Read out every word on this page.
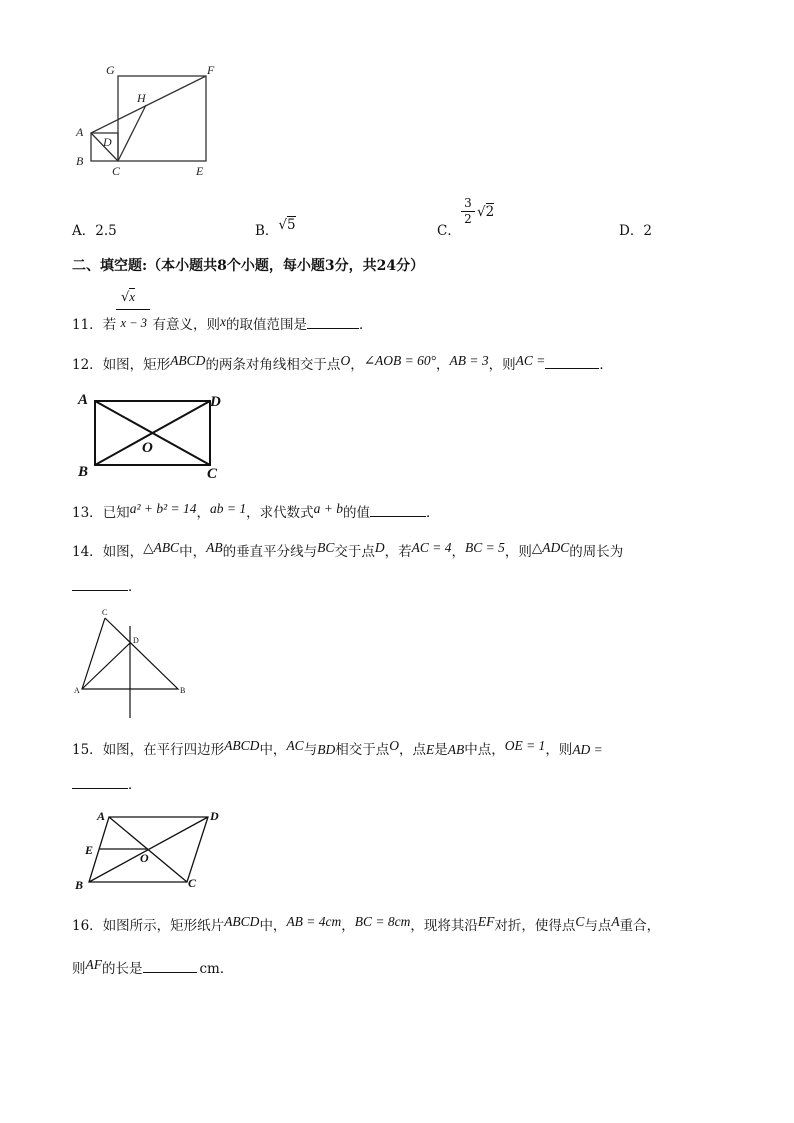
G	F
H
A
D
B
C	E
A．2.5	B．√5	C．
$\frac{3}{2} √2$
D．2
二、填空题:（本小题共8个小题，每小题3分，共24分）
√x
11．若 x − 3 有意义，则x的取值范围是	．
12．如图，矩形ABCD的两条对角线相交于点O，∠AOB = 60°，AB = 3，则AC =	．
A	D
O
B	C
13．已知a² + b² = 14，ab = 1，求代数式a + b的值	．
14．如图，△ABC中，AB的垂直平分线与BC交于点D，若AC = 4，BC = 5，则△ADC的周长为
．
C
D
A	B
15．如图，在平行四边形ABCD中，AC与BD相交于点O，点E是AB中点，OE = 1，则AD =
．
A	D
E
O
B	C
16．如图所示，矩形纸片ABCD中，AB = 4cm，BC = 8cm，现将其沿EF对折，使得点C与点A重合，
则AF的长是	cm．
